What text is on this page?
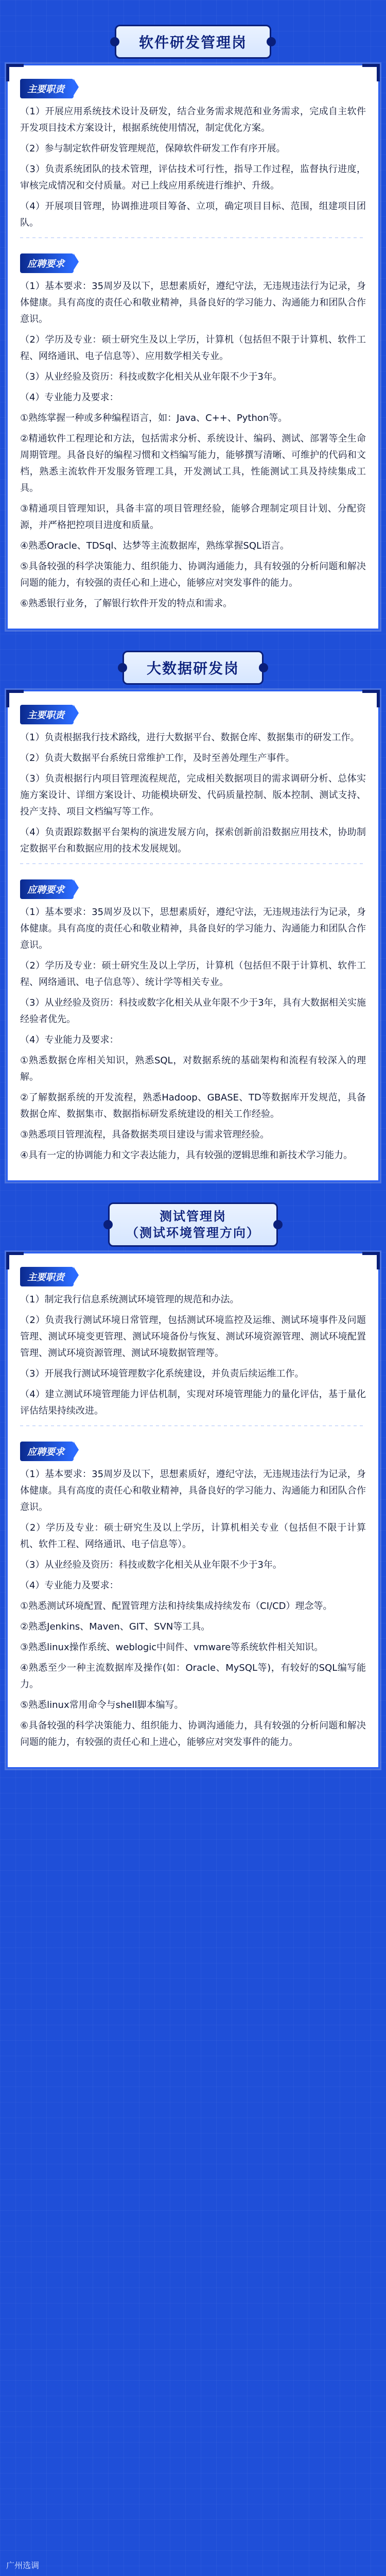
软件研发管理岗
主要职责

（1）开展应用系统技术设计及研发，结合业务需求规范和业务需求，完成自主软件开发项目技术方案设计，根据系统使用情况，制定优化方案。

（2）参与制定软件研发管理规范，保障软件研发工作有序开展。

（3）负责系统团队的技术管理，评估技术可行性，指导工作过程，监督执行进度，审核完成情况和交付质量。对已上线应用系统进行维护、升级。

（4）开展项目管理，协调推进项目筹备、立项，确定项目目标、范围，组建项目团队。

应聘要求

（1）基本要求：35周岁及以下，思想素质好，遵纪守法，无违规违法行为记录，身体健康。具有高度的责任心和敬业精神，具备良好的学习能力、沟通能力和团队合作意识。

（2）学历及专业：硕士研究生及以上学历，计算机（包括但不限于计算机、软件工程、网络通讯、电子信息等）、应用数学相关专业。

（3）从业经验及资历：科技或数字化相关从业年限不少于3年。

（4）专业能力及要求：

①熟练掌握一种或多种编程语言，如：Java、C++、Python等。

②精通软件工程理论和方法，包括需求分析、系统设计、编码、测试、部署等全生命周期管理。具备良好的编程习惯和文档编写能力，能够撰写清晰、可维护的代码和文档，熟悉主流软件开发服务管理工具，开发测试工具，性能测试工具及持续集成工具。

③精通项目管理知识，具备丰富的项目管理经验，能够合理制定项目计划、分配资源，并严格把控项目进度和质量。

④熟悉Oracle、TDSql、达梦等主流数据库，熟练掌握SQL语言。

⑤具备较强的科学决策能力、组织能力、协调沟通能力，具有较强的分析问题和解决问题的能力，有较强的责任心和上进心，能够应对突发事件的能力。

⑥熟悉银行业务，了解银行软件开发的特点和需求。

大数据研发岗
主要职责

（1）负责根据我行技术路线，进行大数据平台、数据仓库、数据集市的研发工作。

（2）负责大数据平台系统日常维护工作，及时至善处理生产事件。

（3）负责根据行内项目管理流程规范，完成相关数据项目的需求调研分析、总体实施方案设计、详细方案设计、功能模块研发、代码质量控制、版本控制、测试支持、投产支持、项目文档编写等工作。

（4）负责跟踪数据平台架构的演进发展方向，探索创新前沿数据应用技术，协助制定数据平台和数据应用的技术发展规划。

应聘要求

（1）基本要求：35周岁及以下，思想素质好，遵纪守法，无违规违法行为记录，身体健康。具有高度的责任心和敬业精神，具备良好的学习能力、沟通能力和团队合作意识。

（2）学历及专业：硕士研究生及以上学历，计算机（包括但不限于计算机、软件工程、网络通讯、电子信息等）、统计学等相关专业。

（3）从业经验及资历：科技或数字化相关从业年限不少于3年，具有大数据相关实施经验者优先。

（4）专业能力及要求：

①熟悉数据仓库相关知识，熟悉SQL，对数据系统的基础架构和流程有较深入的理解。

②了解数据系统的开发流程，熟悉Hadoop、GBASE、TD等数据库开发规范，具备数据仓库、数据集市、数据指标研发系统建设的相关工作经验。

③熟悉项目管理流程，具备数据类项目建设与需求管理经验。

④具有一定的协调能力和文字表达能力，具有较强的逻辑思维和新技术学习能力。

测试管理岗
（测试环境管理方向）
主要职责

（1）制定我行信息系统测试环境管理的规范和办法。

（2）负责我行测试环境日常管理，包括测试环境监控及运维、测试环境事件及问题管理、测试环境变更管理、测试环境备份与恢复、测试环境资源管理、测试环境配置管理、测试环境资源管理、测试环境数据管理等。

（3）开展我行测试环境管理数字化系统建设，并负责后续运维工作。

（4）建立测试环境管理能力评估机制，实现对环境管理能力的量化评估，基于量化评估结果持续改进。

应聘要求

（1）基本要求：35周岁及以下，思想素质好，遵纪守法，无违规违法行为记录，身体健康。具有高度的责任心和敬业精神，具备良好的学习能力、沟通能力和团队合作意识。

（2）学历及专业：硕士研究生及以上学历，计算机相关专业（包括但不限于计算机、软件工程、网络通讯、电子信息等）。

（3）从业经验及资历：科技或数字化相关从业年限不少于3年。

（4）专业能力及要求：

①熟悉测试环境配置、配置管理方法和持续集成持续发布（CI/CD）理念等。

②熟悉Jenkins、Maven、GIT、SVN等工具。

③熟悉linux操作系统、weblogic中间件、vmware等系统软件相关知识。

④熟悉至少一种主流数据库及操作(如：Oracle、MySQL等)，有较好的SQL编写能力。

⑤熟悉linux常用命令与shell脚本编写。

⑥具备较强的科学决策能力、组织能力、协调沟通能力，具有较强的分析问题和解决问题的能力，有较强的责任心和上进心，能够应对突发事件的能力。

广州选调
